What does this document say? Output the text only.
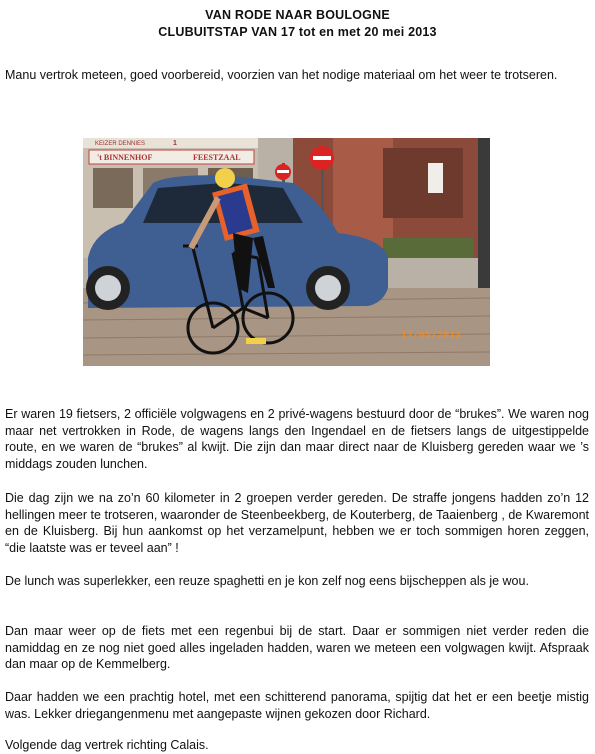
VAN RODE NAAR BOULOGNE
CLUBUITSTAP VAN 17 tot en met 20 mei 2013

Manu vertrok meteen, goed voorbereid, voorzien van het nodige materiaal om het weer te trotseren.

KEIZER DENNIES	1
't BINNENHOF	FEESTZAAL
17/05/2013

Er waren 19 fietsers, 2 officiële volgwagens en 2 privé-wagens bestuurd door de “brukes”. We waren nog maar net vertrokken in Rode, de wagens langs den Ingendael en de fietsers langs de uitgestippelde route, en we waren de “brukes” al kwijt. Die zijn dan maar direct naar de Kluisberg gereden waar we ’s middags zouden lunchen.

Die dag zijn we na zo’n 60 kilometer in 2 groepen verder gereden. De straffe jongens hadden zo’n 12 hellingen meer te trotseren, waaronder de Steenbeekberg, de Kouterberg, de Taaienberg , de Kwaremont en de Kluisberg. Bij hun aankomst op het verzamelpunt, hebben we er toch sommigen horen zeggen, “die laatste was er teveel aan” !

De lunch was superlekker, een reuze spaghetti en je kon zelf nog eens bijscheppen als je wou.

Dan maar weer op de fiets met een regenbui bij de start. Daar er sommigen niet verder reden die namiddag en ze nog niet goed alles ingeladen hadden, waren we meteen een volgwagen kwijt. Afspraak dan maar op de Kemmelberg.

Daar hadden we een prachtig hotel, met een schitterend panorama, spijtig dat het er een beetje mistig was. Lekker driegangenmenu met aangepaste wijnen gekozen door Richard.

Volgende dag vertrek richting Calais.
